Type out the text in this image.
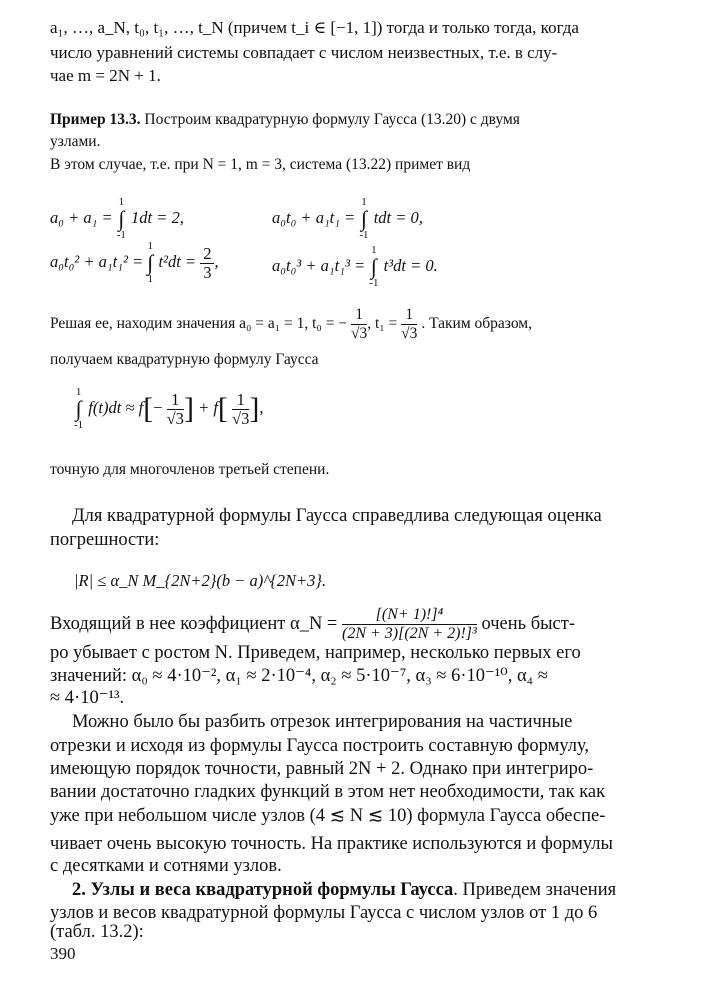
a₁, …, a_N, t₀, t₁, …, t_N (причем t_i ∈ [−1, 1]) тогда и только тогда, когда
число уравнений системы совпадает с числом неизвестных, т.е. в слу-
чае m = 2N + 1.
Пример 13.3. Построим квадратурную формулу Гаусса (13.20) с двумя
узлами.
В этом случае, т.е. при N = 1, m = 3, система (13.22) примет вид
a₀ + a₁ = 1
∫
-1 1dt = 2,	a₀t₀ + a₁t₁ = 1
∫
-1 tdt = 0,
a₀t₀² + a₁t₁² = 1
∫
1 $t^2dt = \frac{2}{3}$ ,	a₀t₀³ + a₁t₁³ = 1
∫
-1 t³dt = 0.
Решая ее, находим значения a₀ = a₁ = 1, t₀ = − $\frac{1}{√3}$ , $t_1 = \frac{1}{√3}$ . Таким образом,
получаем квадратурную формулу Гаусса
1
∫
-1 $f(t)dt \approx f[- \frac{1}{√3}$ ] + $f[ \frac{1}{√3}$ ],
точную для многочленов третьей степени.
Для квадратурной формулы Гаусса справедлива следующая оценка
погрешности:
|R| ≤ α_N M_{2N+2}(b − a)^{2N+3}.
Входящий в нее коэффициент α_N = $\frac{\text{[(N+ 1)!]⁴}}{\text{(2N + 3)[(2N + 2)!]³}}$ очень быст-
ро убывает с ростом N. Приведем, например, несколько первых его
значений: α₀ ≈ 4·10⁻², α₁ ≈ 2·10⁻⁴, α₂ ≈ 5·10⁻⁷, α₃ ≈ 6·10⁻¹⁰, α₄ ≈
≈ 4·10⁻¹³.
Можно было бы разбить отрезок интегрирования на частичные
отрезки и исходя из формулы Гаусса построить составную формулу,
имеющую порядок точности, равный 2N + 2. Однако при интегриро-
вании достаточно гладких функций в этом нет необходимости, так как
уже при небольшом числе узлов (4 ≲ N ≲ 10) формула Гаусса обеспе-
чивает очень высокую точность. На практике используются и формулы
с десятками и сотнями узлов.
2. Узлы и веса квадратурной формулы Гаусса. Приведем значения
узлов и весов квадратурной формулы Гаусса с числом узлов от 1 до 6
(табл. 13.2):
390
